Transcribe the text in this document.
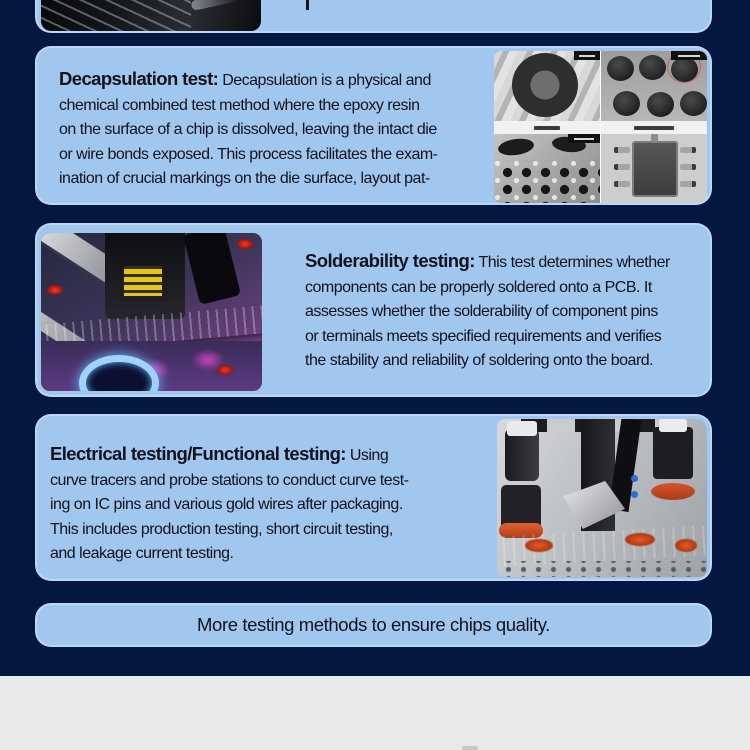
Decapsulation test: Decapsulation is a physical and
chemical combined test method where the epoxy resin
on the surface of a chip is dissolved, leaving the intact die
or wire bonds exposed. This process facilitates the exam-
ination of crucial markings on the die surface, layout pat-
Solderability testing: This test determines whether
components can be properly soldered onto a PCB. It
assesses whether the solderability of component pins
or terminals meets specified requirements and verifies
the stability and reliability of soldering onto the board.
Electrical testing/Functional testing: Using
curve tracers and probe stations to conduct curve test-
ing on IC pins and various gold wires after packaging.
This includes production testing, short circuit testing,
and leakage current testing.
More testing methods to ensure chips quality.
